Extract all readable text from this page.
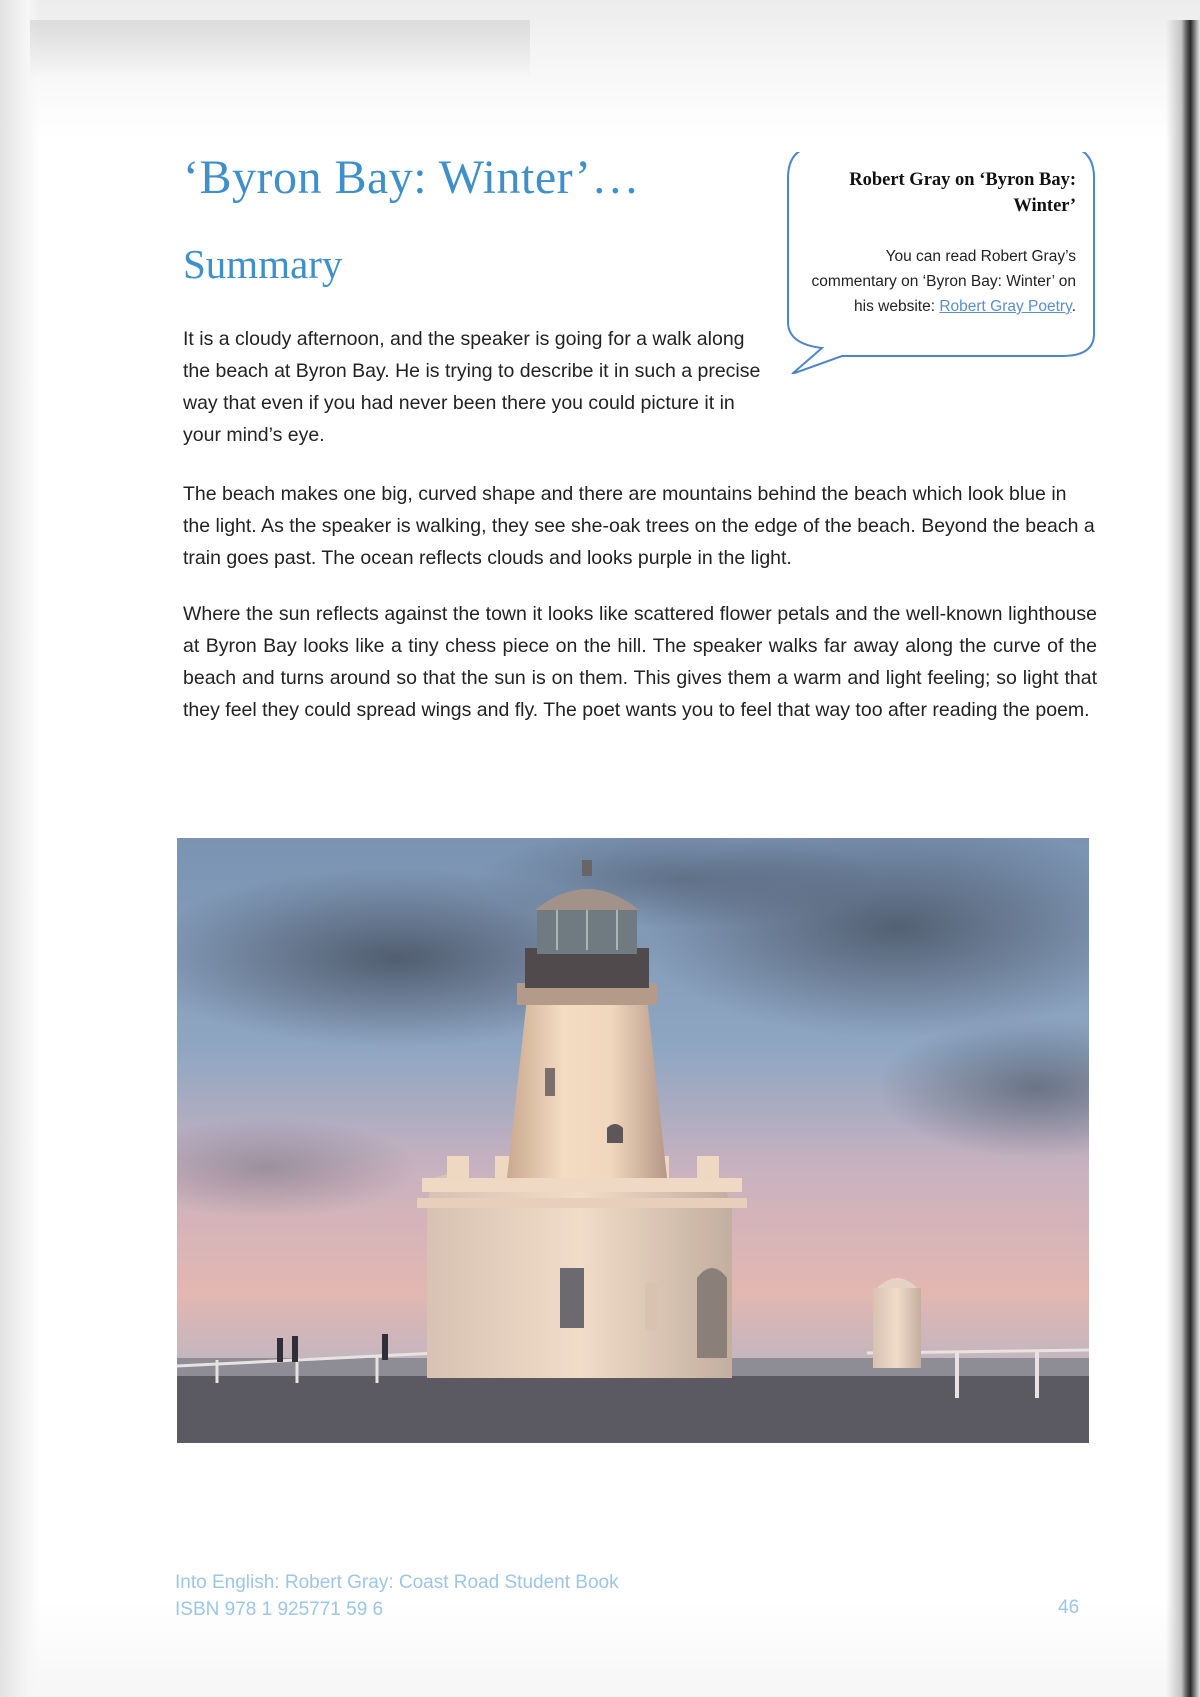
‘Byron Bay: Winter’…
Summary

Robert Gray on ‘Byron Bay: Winter’

You can read Robert Gray’s commentary on ‘Byron Bay: Winter’ on his website: Robert Gray Poetry.

It is a cloudy afternoon, and the speaker is going for a walk along the beach at Byron Bay. He is trying to describe it in such a precise way that even if you had never been there you could picture it in your mind’s eye.

The beach makes one big, curved shape and there are mountains behind the beach which look blue in the light. As the speaker is walking, they see she-oak trees on the edge of the beach. Beyond the beach a train goes past. The ocean reflects clouds and looks purple in the light.

Where the sun reflects against the town it looks like scattered flower petals and the well-known lighthouse at Byron Bay looks like a tiny chess piece on the hill. The speaker walks far away along the curve of the beach and turns around so that the sun is on them. This gives them a warm and light feeling; so light that they feel they could spread wings and fly. The poet wants you to feel that way too after reading the poem.

Into English: Robert Gray: Coast Road Student Book
ISBN 978 1 925771 59 6	46
